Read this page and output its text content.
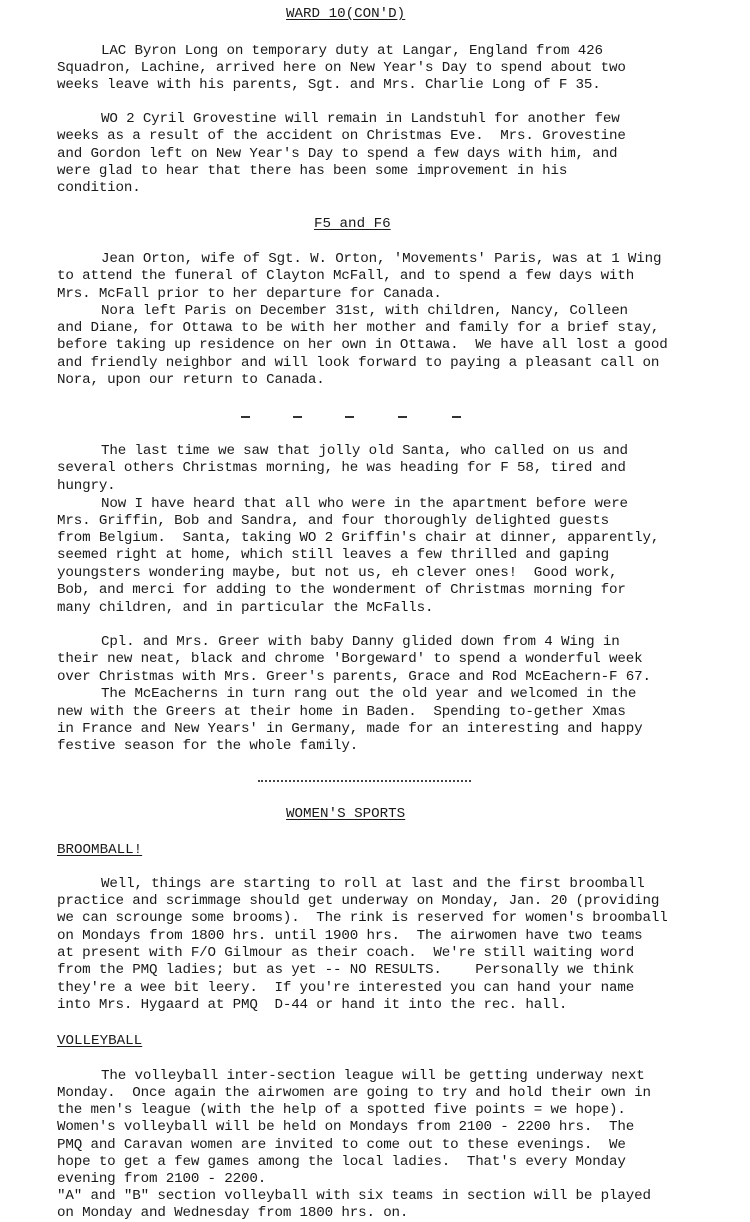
WARD 10(CON'D)
LAC Byron Long on temporary duty at Langar, England from 426
Squadron, Lachine, arrived here on New Year's Day to spend about two
weeks leave with his parents, Sgt. and Mrs. Charlie Long of F 35.
WO 2 Cyril Grovestine will remain in Landstuhl for another few
weeks as a result of the accident on Christmas Eve.  Mrs. Grovestine
and Gordon left on New Year's Day to spend a few days with him, and
were glad to hear that there has been some improvement in his
condition.
F5 and F6
Jean Orton, wife of Sgt. W. Orton, 'Movements' Paris, was at 1 Wing
to attend the funeral of Clayton McFall, and to spend a few days with
Mrs. McFall prior to her departure for Canada.
Nora left Paris on December 31st, with children, Nancy, Colleen
and Diane, for Ottawa to be with her mother and family for a brief stay,
before taking up residence on her own in Ottawa.  We have all lost a good
and friendly neighbor and will look forward to paying a pleasant call on
Nora, upon our return to Canada.
The last time we saw that jolly old Santa, who called on us and
several others Christmas morning, he was heading for F 58, tired and
hungry.
Now I have heard that all who were in the apartment before were
Mrs. Griffin, Bob and Sandra, and four thoroughly delighted guests
from Belgium.  Santa, taking WO 2 Griffin's chair at dinner, apparently,
seemed right at home, which still leaves a few thrilled and gaping
youngsters wondering maybe, but not us, eh clever ones!  Good work,
Bob, and merci for adding to the wonderment of Christmas morning for
many children, and in particular the McFalls.
Cpl. and Mrs. Greer with baby Danny glided down from 4 Wing in
their new neat, black and chrome 'Borgeward' to spend a wonderful week
over Christmas with Mrs. Greer's parents, Grace and Rod McEachern-F 67.
The McEacherns in turn rang out the old year and welcomed in the
new with the Greers at their home in Baden.  Spending to-gether Xmas
in France and New Years' in Germany, made for an interesting and happy
festive season for the whole family.
WOMEN'S SPORTS
BROOMBALL!
Well, things are starting to roll at last and the first broomball
practice and scrimmage should get underway on Monday, Jan. 20 (providing
we can scrounge some brooms).  The rink is reserved for women's broomball
on Mondays from 1800 hrs. until 1900 hrs.  The airwomen have two teams
at present with F/O Gilmour as their coach.  We're still waiting word
from the PMQ ladies; but as yet -- NO RESULTS.    Personally we think
they're a wee bit leery.  If you're interested you can hand your name
into Mrs. Hygaard at PMQ  D-44 or hand it into the rec. hall.
VOLLEYBALL
The volleyball inter-section league will be getting underway next
Monday.  Once again the airwomen are going to try and hold their own in
the men's league (with the help of a spotted five points = we hope).
Women's volleyball will be held on Mondays from 2100 - 2200 hrs.  The
PMQ and Caravan women are invited to come out to these evenings.  We
hope to get a few games among the local ladies.  That's every Monday
evening from 2100 - 2200.
"A" and "B" section volleyball with six teams in section will be played
on Monday and Wednesday from 1800 hrs. on.
